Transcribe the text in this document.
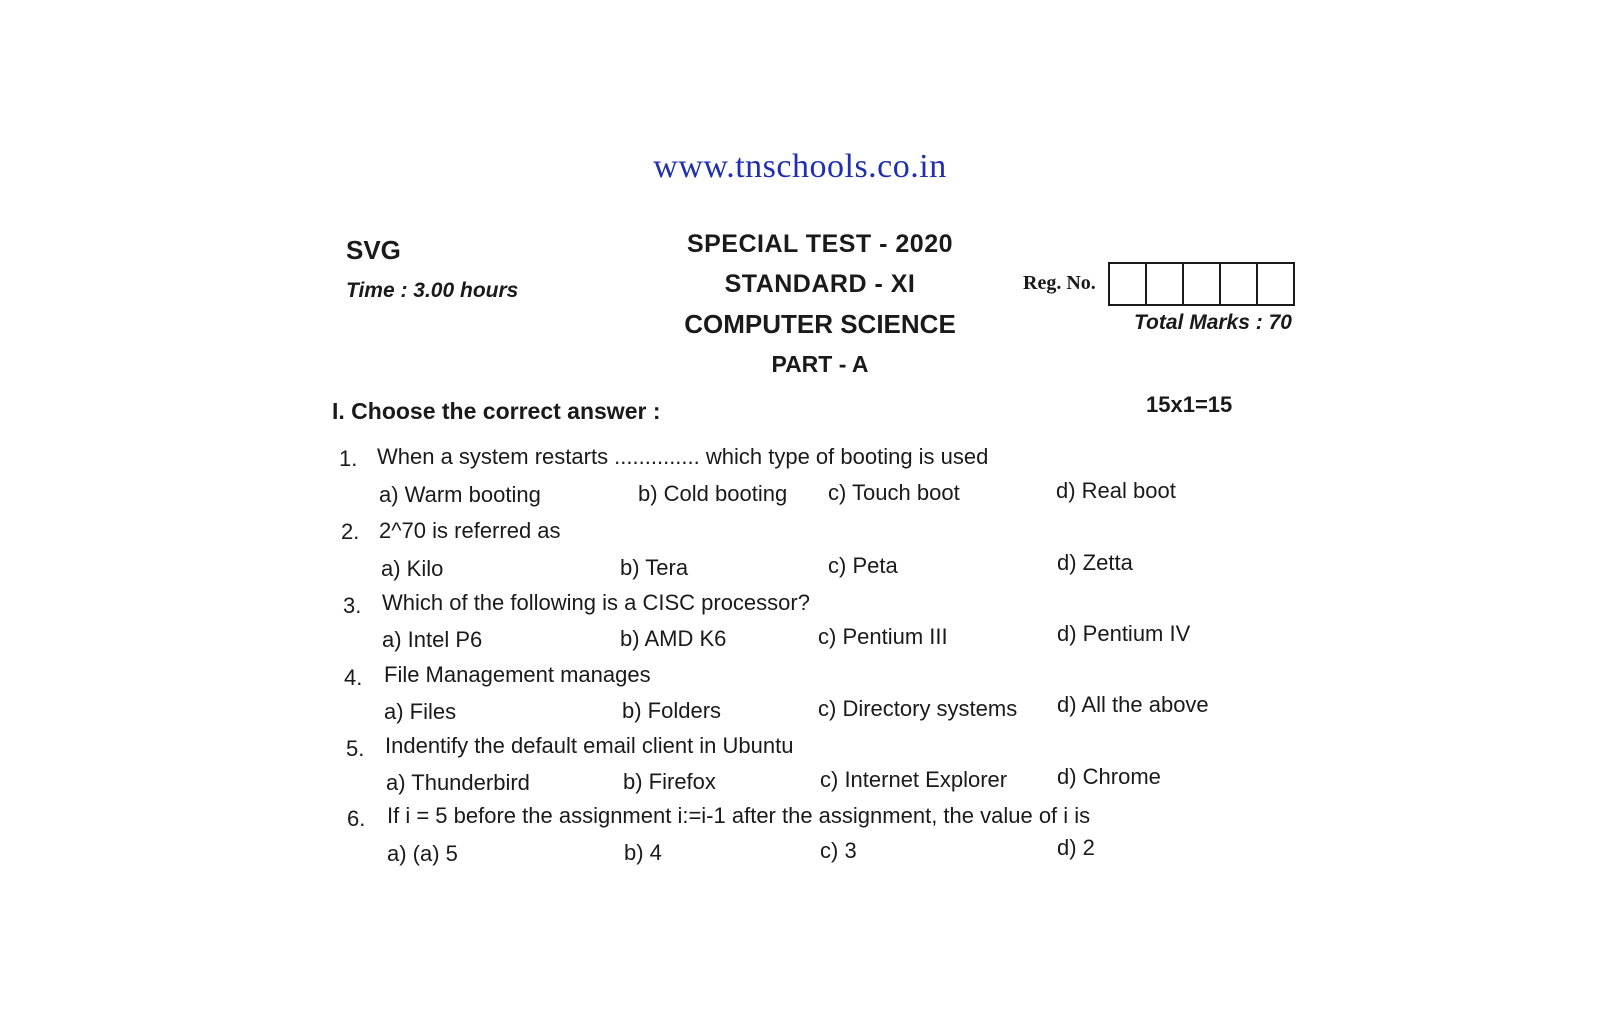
www.tnschools.co.in
SVG
Time : 3.00 hours
SPECIAL TEST - 2020
STANDARD - XI
COMPUTER SCIENCE
PART - A
Reg. No.
Total Marks : 70
I. Choose the correct answer :	15x1=15
1. When a system restarts .............. which type of booting is used
a) Warm booting	b) Cold booting c) Touch boot	d) Real boot
2. 2^70 is referred as
a) Kilo	b) Tera	c) Peta	d) Zetta
3. Which of the following is a CISC processor?
a) Intel P6	b) AMD K6	c) Pentium III	d) Pentium IV
4. File Management manages
a) Files	b) Folders	c) Directory systems d) All the above
5. Indentify the default email client in Ubuntu
a) Thunderbird	b) Firefox	c) Internet Explorer d) Chrome
6. If i = 5 before the assignment i:=i-1 after the assignment, the value of i is
a) (a) 5	b) 4	c) 3	d) 2
